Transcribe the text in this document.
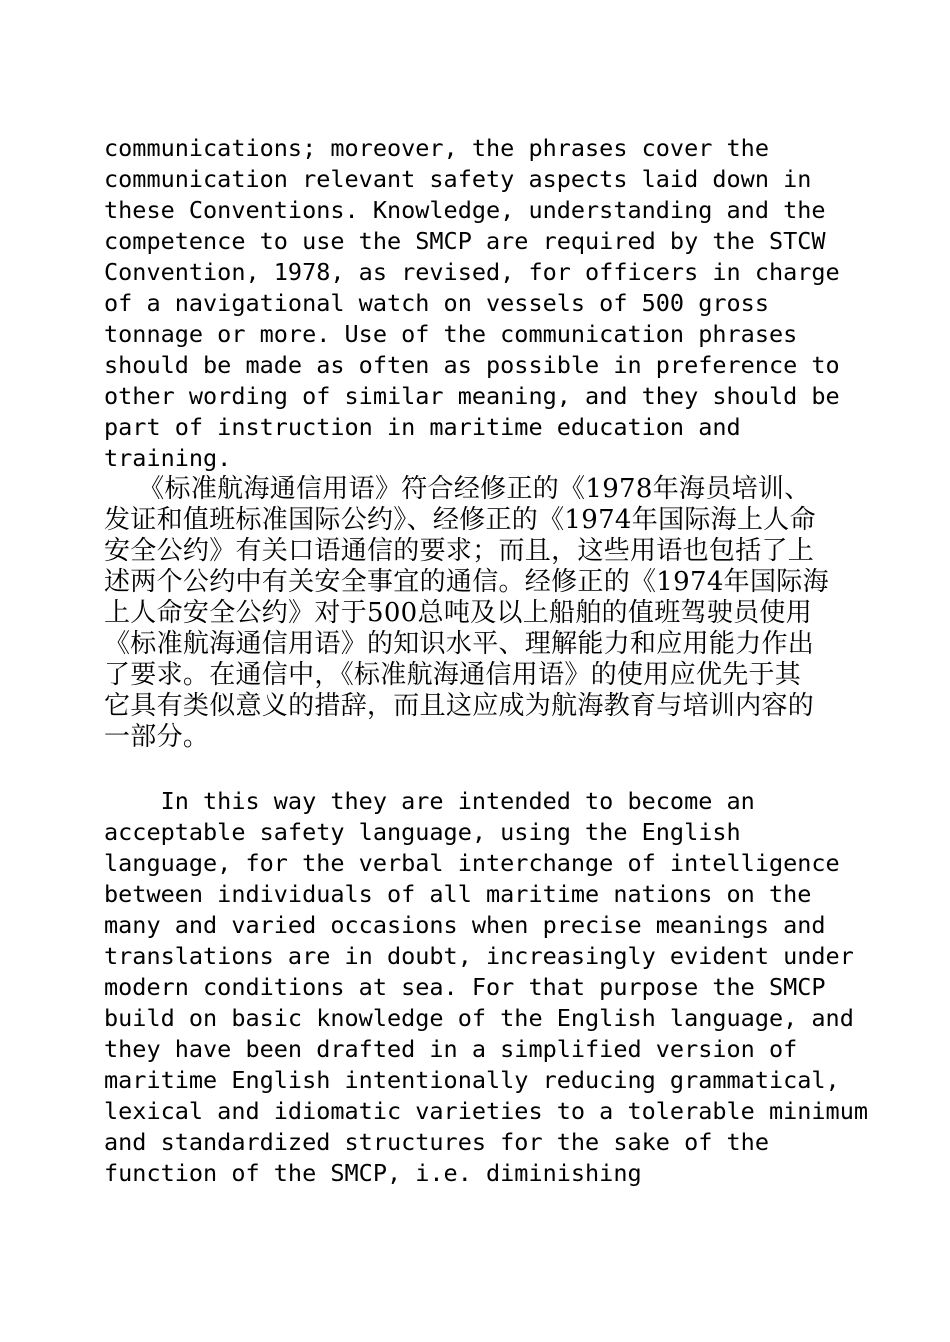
communications; moreover, the phrases cover the
communication relevant safety aspects laid down in
these Conventions. Knowledge, understanding and the
competence to use the SMCP are required by the STCW
Convention, 1978, as revised, for officers in charge
of a navigational watch on vessels of 500 gross
tonnage or more. Use of the communication phrases
should be made as often as possible in preference to
other wording of similar meaning, and they should be
part of instruction in maritime education and
training.
《标准航海通信用语》符合经修正的《1978年海员培训、
发证和值班标准国际公约》、经修正的《1974年国际海上人命
安全公约》有关口语通信的要求；而且，这些用语也包括了上
述两个公约中有关安全事宜的通信。经修正的《1974年国际海
上人命安全公约》对于500总吨及以上船舶的值班驾驶员使用
《标准航海通信用语》的知识水平、理解能力和应用能力作出
了要求。在通信中，《标准航海通信用语》的使用应优先于其
它具有类似意义的措辞，而且这应成为航海教育与培训内容的
一部分。
In this way they are intended to become an
acceptable safety language, using the English
language, for the verbal interchange of intelligence
between individuals of all maritime nations on the
many and varied occasions when precise meanings and
translations are in doubt, increasingly evident under
modern conditions at sea. For that purpose the SMCP
build on basic knowledge of the English language, and
they have been drafted in a simplified version of
maritime English intentionally reducing grammatical,
lexical and idiomatic varieties to a tolerable minimum
and standardized structures for the sake of the
function of the SMCP, i.e. diminishing
